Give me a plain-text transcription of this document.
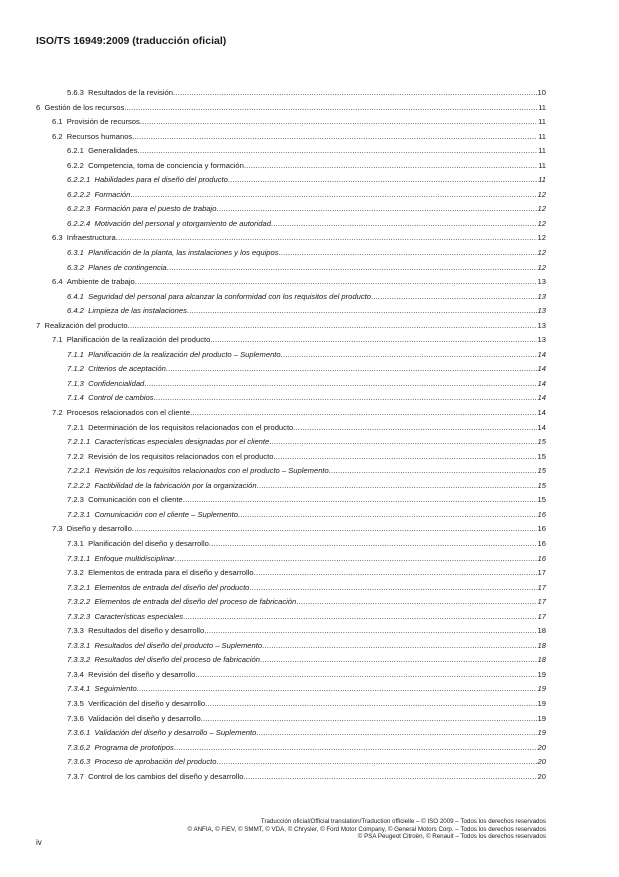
ISO/TS 16949:2009 (traducción oficial)
5.6.3 Resultados de la revisión .....	10
6 Gestión de los recursos .....	11
6.1 Provisión de recursos .....	11
6.2 Recursos humanos .....	11
6.2.1 Generalidades .....	11
6.2.2 Competencia, toma de conciencia y formación .....	11
6.2.2.1 Habilidades para el diseño del producto .....	11
6.2.2.2 Formación .....	12
6.2.2.3 Formación para el puesto de trabajo .....	12
6.2.2.4 Motivación del personal y otorgamiento de autoridad .....	12
6.3 Infraestructura .....	12
6.3.1 Planificación de la planta, las instalaciones y los equipos .....	12
6.3.2 Planes de contingencia .....	12
6.4 Ambiente de trabajo .....	13
6.4.1 Seguridad del personal para alcanzar la conformidad con los requisitos del producto .....	13
6.4.2 Limpieza de las instalaciones .....	13
7 Realización del producto .....	13
7.1 Planificación de la realización del producto .....	13
7.1.1 Planificación de la realización del producto – Suplemento .....	14
7.1.2 Criterios de aceptación .....	14
7.1.3 Confidencialidad .....	14
7.1.4 Control de cambios .....	14
7.2 Procesos relacionados con el cliente .....	14
7.2.1 Determinación de los requisitos relacionados con el producto .....	14
7.2.1.1 Características especiales designadas por el cliente .....	15
7.2.2 Revisión de los requisitos relacionados con el producto .....	15
7.2.2.1 Revisión de los requisitos relacionados con el producto – Suplemento .....	15
7.2.2.2 Factibilidad de la fabricación por la organización .....	15
7.2.3 Comunicación con el cliente .....	15
7.2.3.1 Comunicación con el cliente – Suplemento .....	16
7.3 Diseño y desarrollo .....	16
7.3.1 Planificación del diseño y desarrollo .....	16
7.3.1.1 Enfoque multidisciplinar .....	16
7.3.2 Elementos de entrada para el diseño y desarrollo .....	17
7.3.2.1 Elementos de entrada del diseño del producto .....	17
7.3.2.2 Elementos de entrada del diseño del proceso de fabricación .....	17
7.3.2.3 Características especiales .....	17
7.3.3 Resultados del diseño y desarrollo .....	18
7.3.3.1 Resultados del diseño del producto – Suplemento .....	18
7.3.3.2 Resultados del diseño del proceso de fabricación .....	18
7.3.4 Revisión del diseño y desarrollo .....	19
7.3.4.1 Seguimiento .....	19
7.3.5 Verificación del diseño y desarrollo .....	19
7.3.6 Validación del diseño y desarrollo .....	19
7.3.6.1 Validación del diseño y desarrollo – Suplemento .....	19
7.3.6.2 Programa de prototipos .....	20
7.3.6.3 Proceso de aprobación del producto .....	20
7.3.7 Control de los cambios del diseño y desarrollo .....	20
Traducción oficial/Official translation/Traduction officielle – © ISO 2009 – Todos los derechos reservados
© ANFIA, © FIEV, © SMMT, © VDA, © Chrysler, © Ford Motor Company, © General Motors Corp. – Todos los derechos reservados
© PSA Peugeot Citroën, © Renault – Todos los derechos reservados
iv
